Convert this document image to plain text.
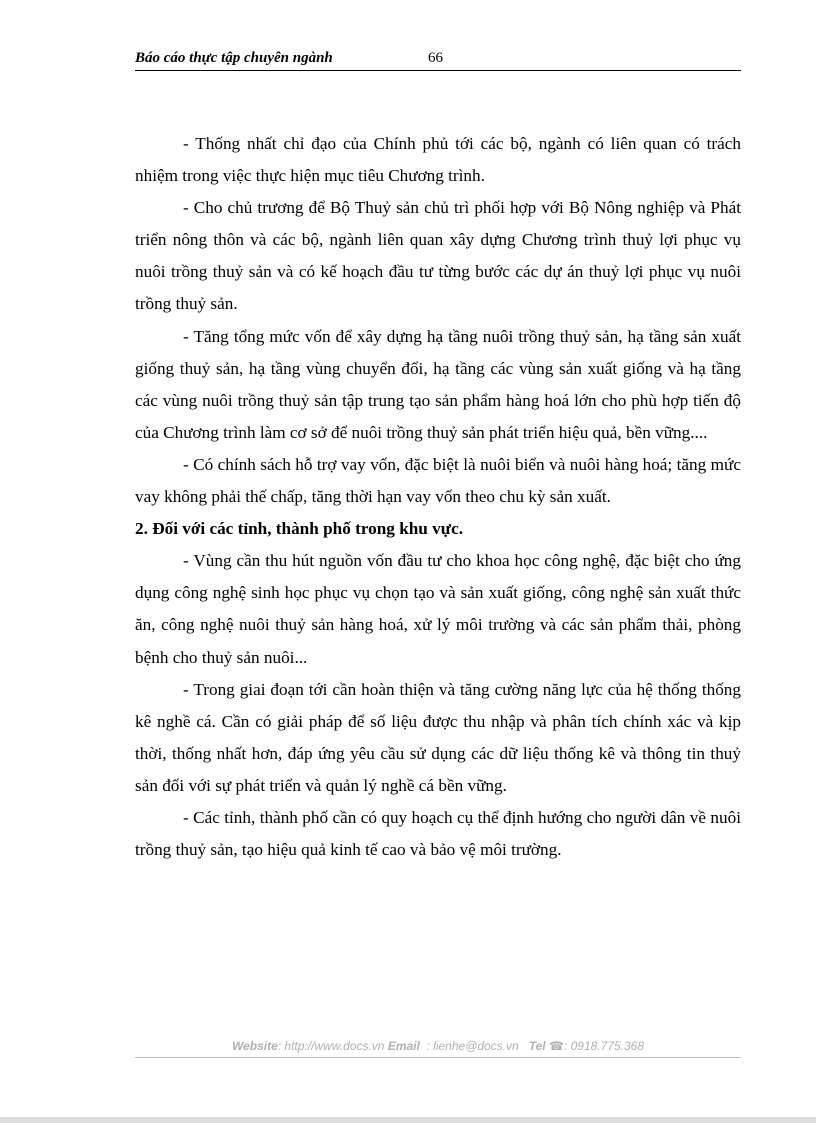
Báo cáo thực tập chuyên ngành	66

- Thống nhất chỉ đạo của Chính phủ tới các bộ, ngành có liên quan có trách nhiệm trong việc thực hiện mục tiêu Chương trình.

- Cho chủ trương để Bộ Thuỷ sản chủ trì phối hợp với Bộ Nông nghiệp và Phát triển nông thôn và các bộ, ngành liên quan xây dựng Chương trình thuỷ lợi phục vụ nuôi trồng thuỷ sản và có kế hoạch đầu tư từng bước các dự án thuỷ lợi phục vụ nuôi trồng thuỷ sản.

- Tăng tổng mức vốn để xây dựng hạ tầng nuôi trồng thuỷ sản, hạ tầng sản xuất giống thuỷ sản, hạ tầng vùng chuyển đổi, hạ tầng các vùng sản xuất giống và hạ tầng các vùng nuôi trồng thuỷ sản tập trung tạo sản phẩm hàng hoá lớn cho phù hợp tiến độ của Chương trình làm cơ sở để nuôi trồng thuỷ sản phát triển hiệu quả, bền vững....

- Có chính sách hỗ trợ vay vốn, đặc biệt là nuôi biển và nuôi hàng hoá; tăng mức vay không phải thế chấp, tăng thời hạn vay vốn theo chu kỳ sản xuất.

2. Đối với các tỉnh, thành phố trong khu vực.

- Vùng cần thu hút nguồn vốn đầu tư cho khoa học công nghệ, đặc biệt cho ứng dụng công nghệ sinh học phục vụ chọn tạo và sản xuất giống, công nghệ sản xuất thức ăn, công nghệ nuôi thuỷ sản hàng hoá, xử lý môi trường và các sản phẩm thải, phòng bệnh cho thuỷ sản nuôi...

- Trong giai đoạn tới cần hoàn thiện và tăng cường năng lực của hệ thống thống kê nghề cá. Cần có giải pháp để số liệu được thu nhập và phân tích chính xác và kịp thời, thống nhất hơn, đáp ứng yêu cầu sử dụng các dữ liệu thống kê và thông tin thuỷ sản đối với sự phát triển và quản lý nghề cá bền vững.

- Các tỉnh, thành phố cần có quy hoạch cụ thể định hướng cho người dân về nuôi trồng thuỷ sản, tạo hiệu quả kinh tế cao và bảo vệ môi trường.

Website: http://www.docs.vn Email : lienhe@docs.vn Tel ☎: 0918.775.368
